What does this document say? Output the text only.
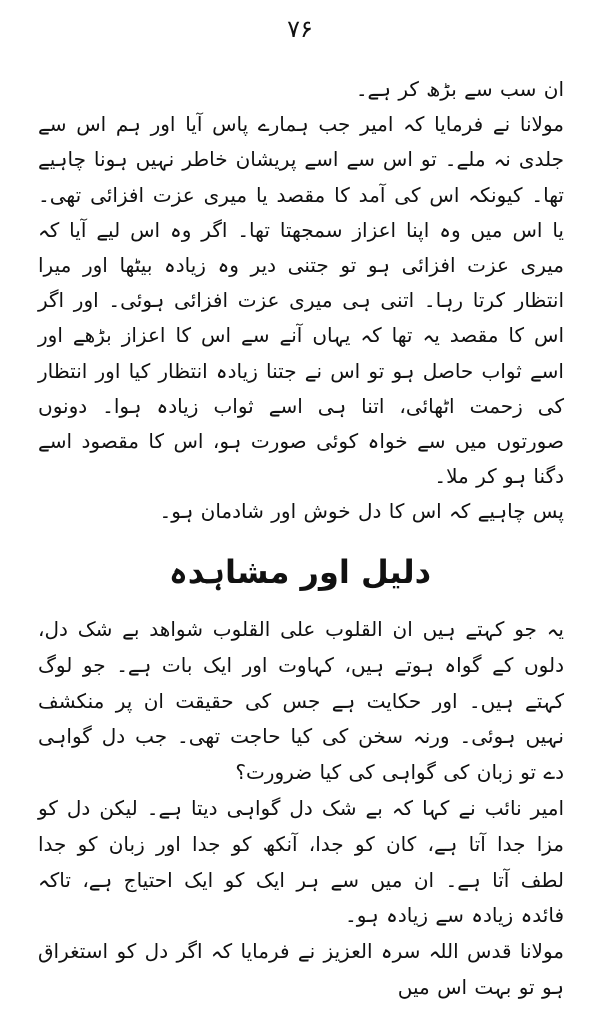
۷۶

ان سب سے بڑھ کر ہے۔

مولانا نے فرمایا کہ امیر جب ہمارے پاس آیا اور ہم اس سے جلدی نہ ملے۔ تو اس سے اسے پریشان خاطر نہیں ہونا چاہیے تھا۔ کیونکہ اس کی آمد کا مقصد یا میری عزت افزائی تھی۔ یا اس میں وہ اپنا اعزاز سمجھتا تھا۔ اگر وہ اس لیے آیا کہ میری عزت افزائی ہو تو جتنی دیر وہ زیادہ بیٹھا اور میرا انتظار کرتا رہا۔ اتنی ہی میری عزت افزائی ہوئی۔ اور اگر اس کا مقصد یہ تھا کہ یہاں آنے سے اس کا اعزاز بڑھے اور اسے ثواب حاصل ہو تو اس نے جتنا زیادہ انتظار کیا اور انتظار کی زحمت اٹھائی، اتنا ہی اسے ثواب زیادہ ہوا۔ دونوں صورتوں میں سے خواہ کوئی صورت ہو، اس کا مقصود اسے دگنا ہو کر ملا۔

پس چاہیے کہ اس کا دل خوش اور شادمان ہو۔

دلیل اور مشاہدہ

یہ جو کہتے ہیں ان القلوب علی القلوب شواھد بے شک دل، دلوں کے گواہ ہوتے ہیں، کہاوت اور ایک بات ہے۔ جو لوگ کہتے ہیں۔ اور حکایت ہے جس کی حقیقت ان پر منکشف نہیں ہوئی۔ ورنہ سخن کی کیا حاجت تھی۔ جب دل گواہی دے تو زبان کی گواہی کی کیا ضرورت؟

امیر نائب نے کہا کہ بے شک دل گواہی دیتا ہے۔ لیکن دل کو مزا جدا آتا ہے، کان کو جدا، آنکھ کو جدا اور زبان کو جدا لطف آتا ہے۔ ان میں سے ہر ایک کو ایک احتیاج ہے، تاکہ فائدہ زیادہ سے زیادہ ہو۔

مولانا قدس اللہ سرہ العزیز نے فرمایا کہ اگر دل کو استغراق ہو تو بہت اس میں
